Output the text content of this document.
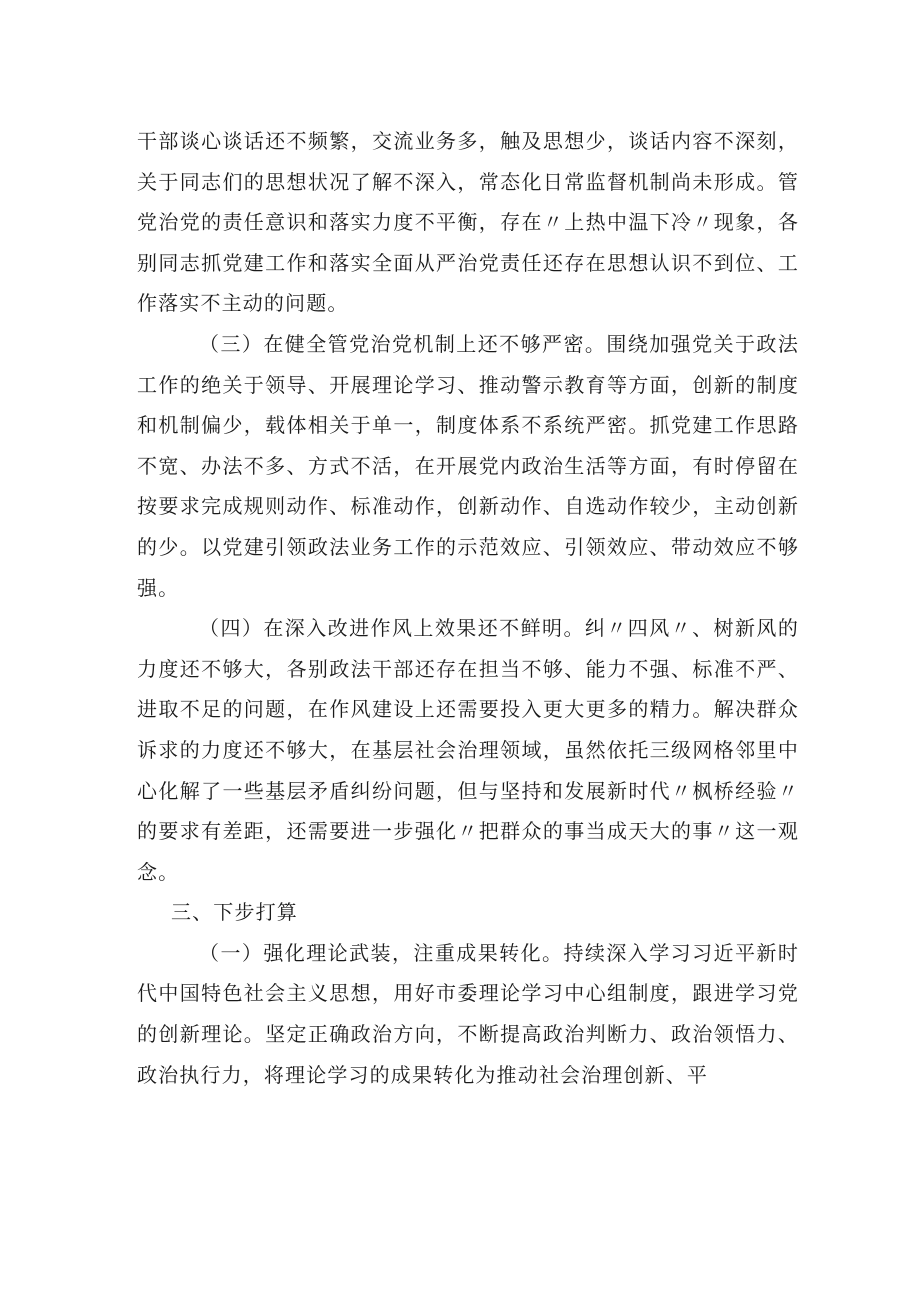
干部谈心谈话还不频繁，交流业务多，触及思想少，谈话内容不深刻，关于同志们的思想状况了解不深入，常态化日常监督机制尚未形成。管党治党的责任意识和落实力度不平衡，存在〃上热中温下冷〃现象，各别同志抓党建工作和落实全面从严治党责任还存在思想认识不到位、工作落实不主动的问题。

（三）在健全管党治党机制上还不够严密。围绕加强党关于政法工作的绝关于领导、开展理论学习、推动警示教育等方面，创新的制度和机制偏少，载体相关于单一，制度体系不系统严密。抓党建工作思路不宽、办法不多、方式不活，在开展党内政治生活等方面，有时停留在按要求完成规则动作、标准动作，创新动作、自选动作较少，主动创新的少。以党建引领政法业务工作的示范效应、引领效应、带动效应不够强。

（四）在深入改进作风上效果还不鲜明。纠〃四风〃、树新风的力度还不够大，各别政法干部还存在担当不够、能力不强、标准不严、进取不足的问题，在作风建设上还需要投入更大更多的精力。解决群众诉求的力度还不够大，在基层社会治理领域，虽然依托三级网格邻里中心化解了一些基层矛盾纠纷问题，但与坚持和发展新时代〃枫桥经验〃的要求有差距，还需要进一步强化〃把群众的事当成天大的事〃这一观念。

三、下步打算

（一）强化理论武装，注重成果转化。持续深入学习习近平新时代中国特色社会主义思想，用好市委理论学习中心组制度，跟进学习党的创新理论。坚定正确政治方向，不断提高政治判断力、政治领悟力、政治执行力，将理论学习的成果转化为推动社会治理创新、平
